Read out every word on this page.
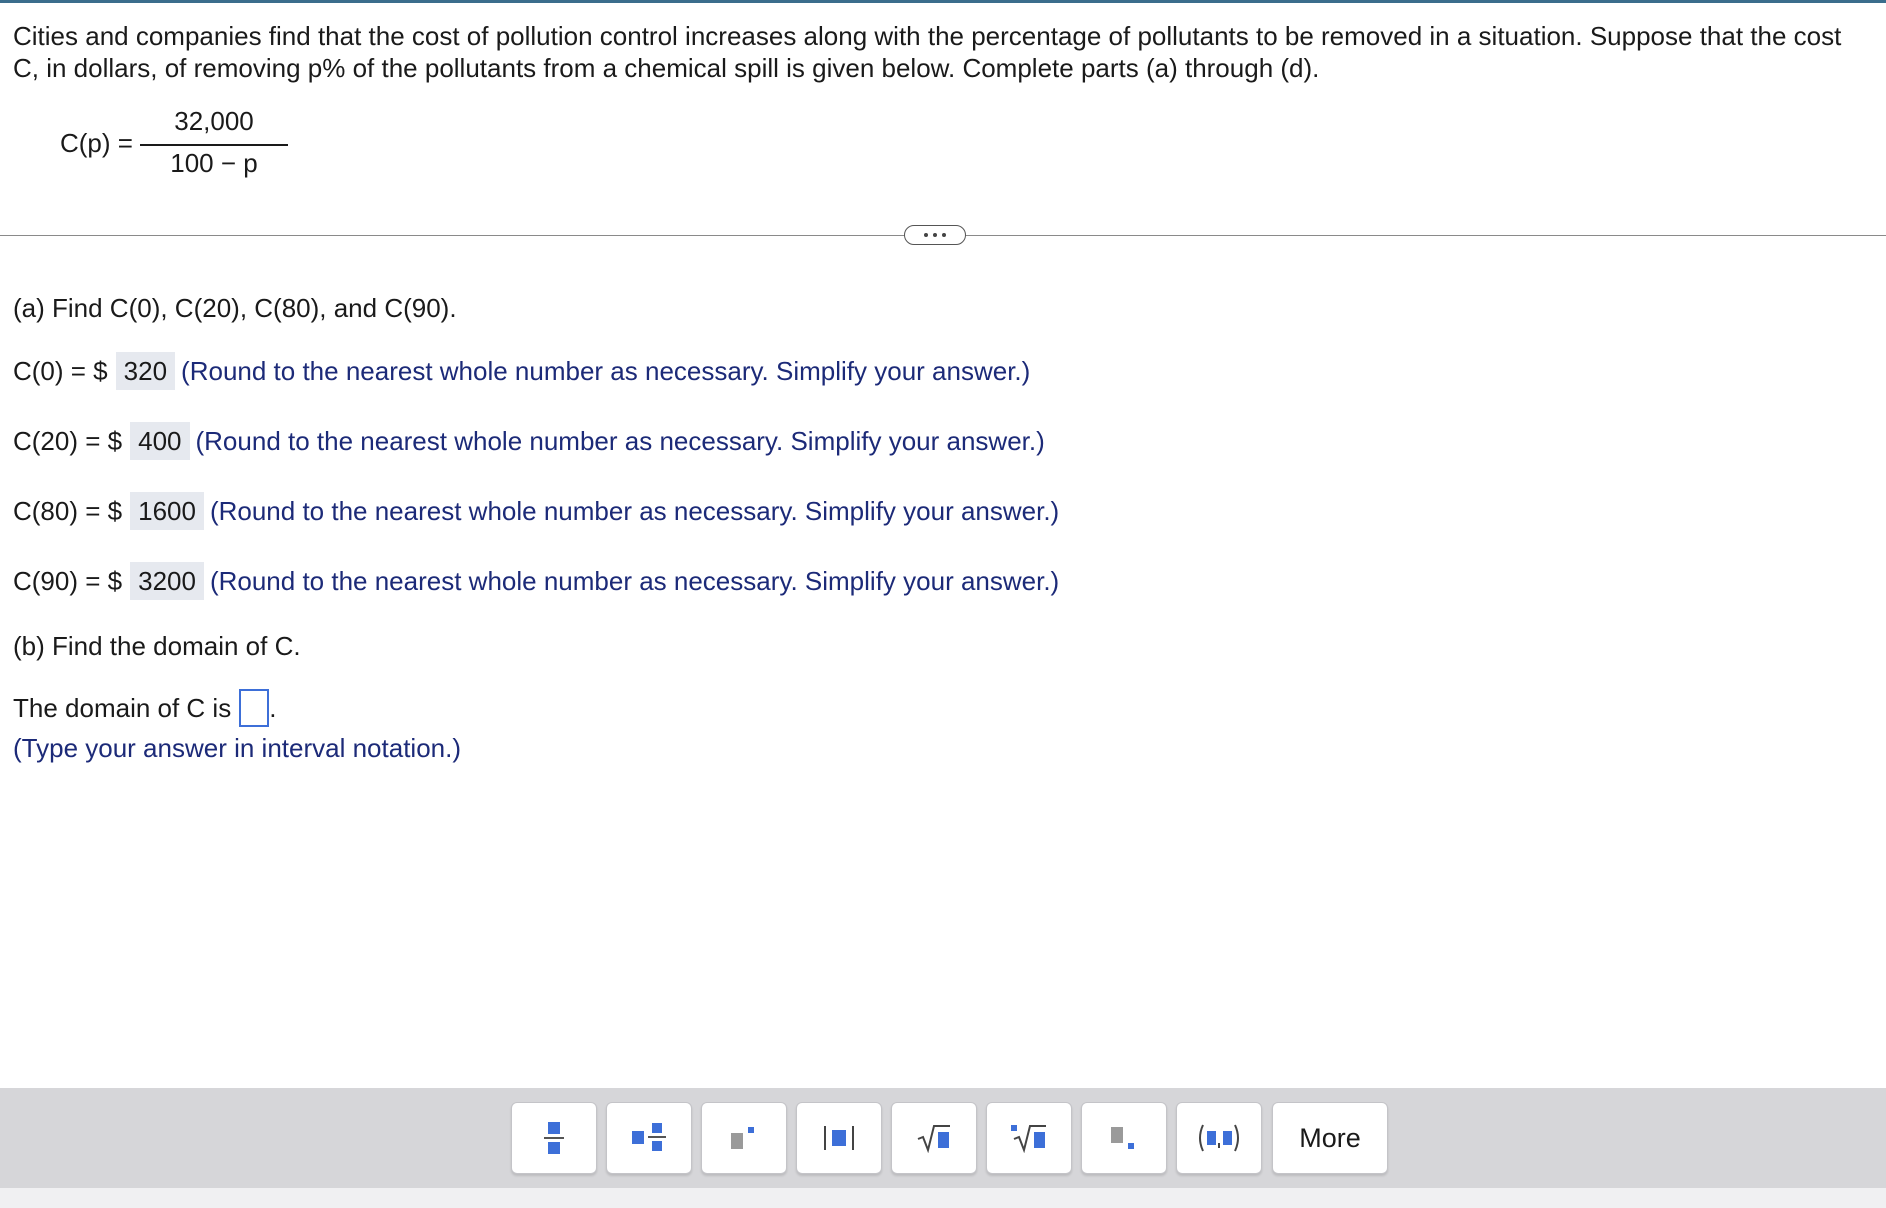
Cities and companies find that the cost of pollution control increases along with the percentage of pollutants to be removed in a situation. Suppose that the cost C, in dollars, of removing p% of the pollutants from a chemical spill is given below. Complete parts (a) through (d).
C(p) =
32,000
100 − p
(a) Find C(0), C(20), C(80), and C(90).
C(0) = $ 320 (Round to the nearest whole number as necessary. Simplify your answer.)
C(20) = $ 400 (Round to the nearest whole number as necessary. Simplify your answer.)
C(80) = $ 1600 (Round to the nearest whole number as necessary. Simplify your answer.)
C(90) = $ 3200 (Round to the nearest whole number as necessary. Simplify your answer.)
(b) Find the domain of C.
The domain of C is .
(Type your answer in interval notation.)
More
